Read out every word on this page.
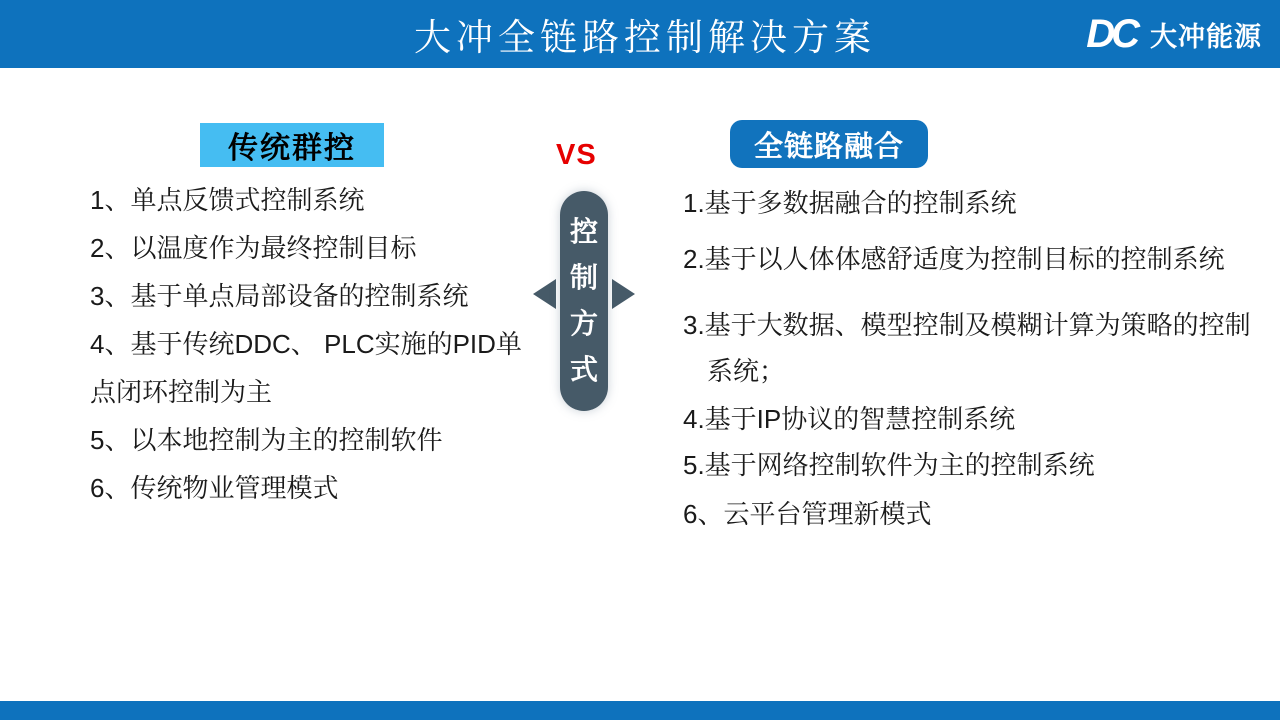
大冲全链路控制解决方案	DC 大冲能源
传统群控
1、单点反馈式控制系统
2、以温度作为最终控制目标
3、基于单点局部设备的控制系统
4、基于传统DDC、 PLC实施的PID单
点闭环控制为主
5、以本地控制为主的控制软件
6、传统物业管理模式
VS
控制方式
全链路融合
1.基于多数据融合的控制系统
2.基于以人体体感舒适度为控制目标的控制系统
3.基于大数据、模型控制及模糊计算为策略的控制
系统；
4.基于IP协议的智慧控制系统
5.基于网络控制软件为主的控制系统
6、云平台管理新模式
